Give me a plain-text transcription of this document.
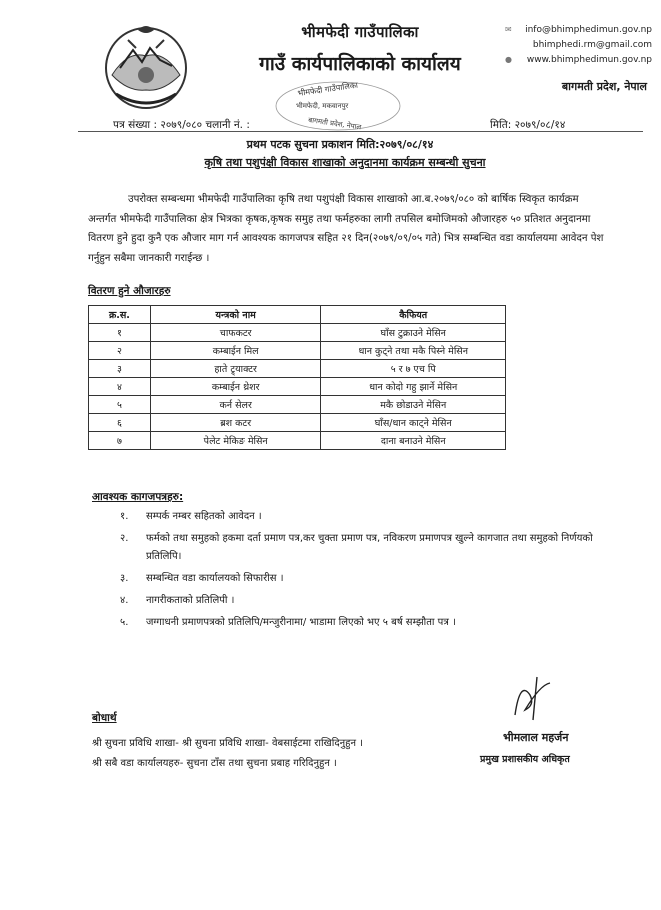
भीमफेदी गाउँपालिका
गाउँ कार्यपालिकाको कार्यालय
✉	info@bhimphedimun.gov.np
bhimphedi.rm@gmail.com
●	www.bhimphedimun.gov.np
बागमती प्रदेश, नेपाल
भीमफेदी गाउँपालिका
भीमफेदी, मकवानपुर
बागमती प्रदेश, नेपाल
पत्र संख्या : २०७९/०८० चलानी नं. :	मिति: २०७९/०८/१४
प्रथम पटक सुचना प्रकाशन मिति:२०७९/०८/१४
कृषि तथा पशुपंक्षी विकास शाखाको अनुदानमा कार्यक्रम सम्बन्धी सुचना

उपरोक्त सम्बन्धमा भीमफेदी गाउँपालिका कृषि तथा पशुपंक्षी विकास शाखाको आ.ब.२०७९/०८० को बार्षिक स्विकृत कार्यक्रम अन्तर्गत भीमफेदी गाउँपालिका क्षेत्र भित्रका कृषक,कृषक समुह तथा फर्महरुका लागी तपसिल बमोजिमको औजारहरु ५० प्रतिशत अनुदानमा वितरण हुने हुदा कुनै एक औजार माग गर्न आवश्यक कागजपत्र सहित २१ दिन(२०७९/०९/०५ गते) भित्र सम्बन्धित वडा कार्यालयमा आवेदन पेश गर्नुहुन सबैमा जानकारी गराईन्छ ।

वितरण हुने औजारहरु
क्र.स.	यन्त्रको नाम	कैफियत
१	चाफकटर	घाँस टुक्राउने मेसिन
२	कम्बाईन मिल	धान कुट्ने तथा मकै पिस्ने मेसिन
३	हाते ट्र्याक्टर	५ र ७ एच पि
४	कम्बाईन थ्रेशर	धान कोदो गहु झार्ने मेसिन
५	कर्न सेलर	मकै छोडाउने मेसिन
६	ब्रश कटर	घाँस/धान काट्ने मेसिन
७	पेलेट मेकिङ मेसिन	दाना बनाउने मेसिन
आवश्यक कागजपत्रहरु:
१. सम्पर्क नम्बर सहितको आवेदन ।
२. फर्मको तथा समुहको हकमा दर्ता प्रमाण पत्र,कर चुक्ता प्रमाण पत्र, नविकरण प्रमाणपत्र खुल्ने कागजात तथा समुहको निर्णयको प्रतिलिपि।
३. सम्बन्धित वडा कार्यालयको सिफारीस ।
४. नागरीकताको प्रतिलिपी ।
५. जग्गाधनी प्रमाणपत्रको प्रतिलिपि/मन्जुरीनामा/ भाडामा लिएको भए ५ बर्ष सम्झौता पत्र ।
भीमलाल महर्जन
प्रमुख प्रशासकीय अधिकृत
बोधार्थ
श्री सुचना प्रविधि शाखा- श्री सुचना प्रविधि शाखा- वेबसाईटमा राखिदिनुहुन ।
श्री सबै वडा कार्यालयहरु- सुचना टाँस तथा सुचना प्रबाह गरिदिनुहुन ।
